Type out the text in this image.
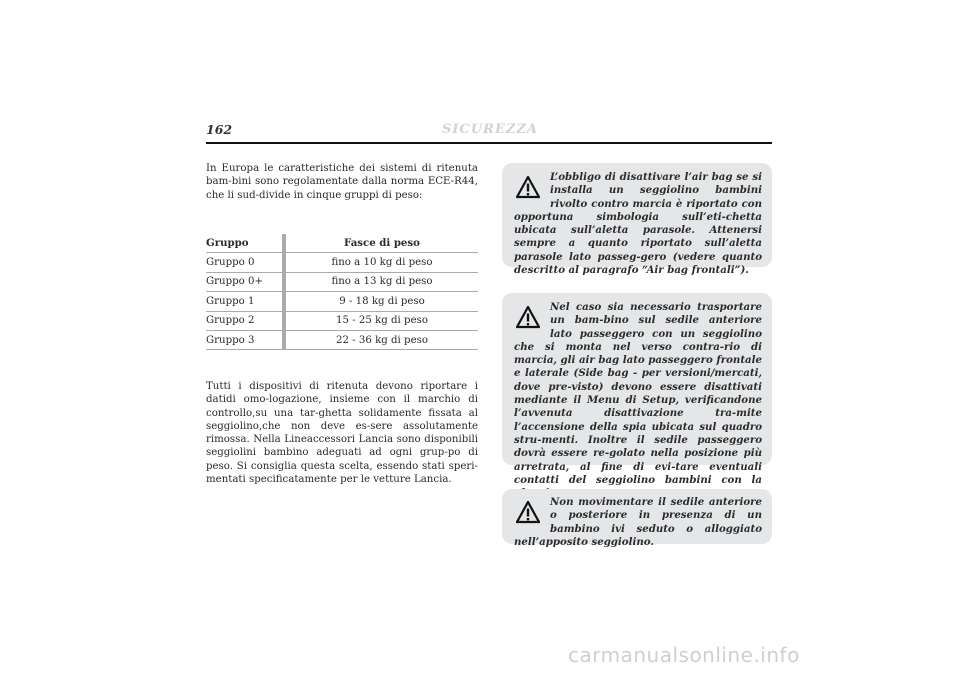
162	SICUREZZA

In Europa le caratteristiche dei sistemi di ritenuta bam-bini sono regolamentate dalla norma ECE-R44, che li sud-divide in cinque gruppi di peso:

Gruppo		Fasce di peso
Gruppo 0		fino a 10 kg di peso
Gruppo 0+		fino a 13 kg di peso
Gruppo 1		9 - 18 kg di peso
Gruppo 2		15 - 25 kg di peso
Gruppo 3		22 - 36 kg di peso

Tutti i dispositivi di ritenuta devono riportare i datidi omo-logazione, insieme con il marchio di controllo,su una tar-ghetta solidamente fissata al seggiolino,che non deve es-sere assolutamente rimossa. Nella Lineaccessori Lancia sono disponibili seggiolini bambino adeguati ad ogni grup-po di peso. Si consiglia questa scelta, essendo stati speri-mentati specificatamente per le vetture Lancia.

L’obbligo di disattivare l’air bag se si installa un seggiolino bambini rivolto contro marcia è riportato con opportuna simbologia sull’eti-chetta ubicata sull’aletta parasole. Attenersi sempre a quanto riportato sull’aletta parasole lato passeg-gero (vedere quanto descritto al paragrafo “Air bag frontali”).

Nel caso sia necessario trasportare un bam-bino sul sedile anteriore lato passeggero con un seggiolino che si monta nel verso contra-rio di marcia, gli air bag lato passeggero frontale e laterale (Side bag - per versioni/mercati, dove pre-visto) devono essere disattivati mediante il Menu di Setup, verificandone l’avvenuta disattivazione tra-mite l’accensione della spia ubicata sul quadro stru-menti. Inoltre il sedile passeggero dovrà essere re-golato nella posizione più arretrata, al fine di evi-tare eventuali contatti del seggiolino bambini con la

Non movimentare il sedile anteriore o posteriore in presenza di un bambino ivi seduto o alloggiato nell’apposito seggiolino.

carmanualsonline.info
